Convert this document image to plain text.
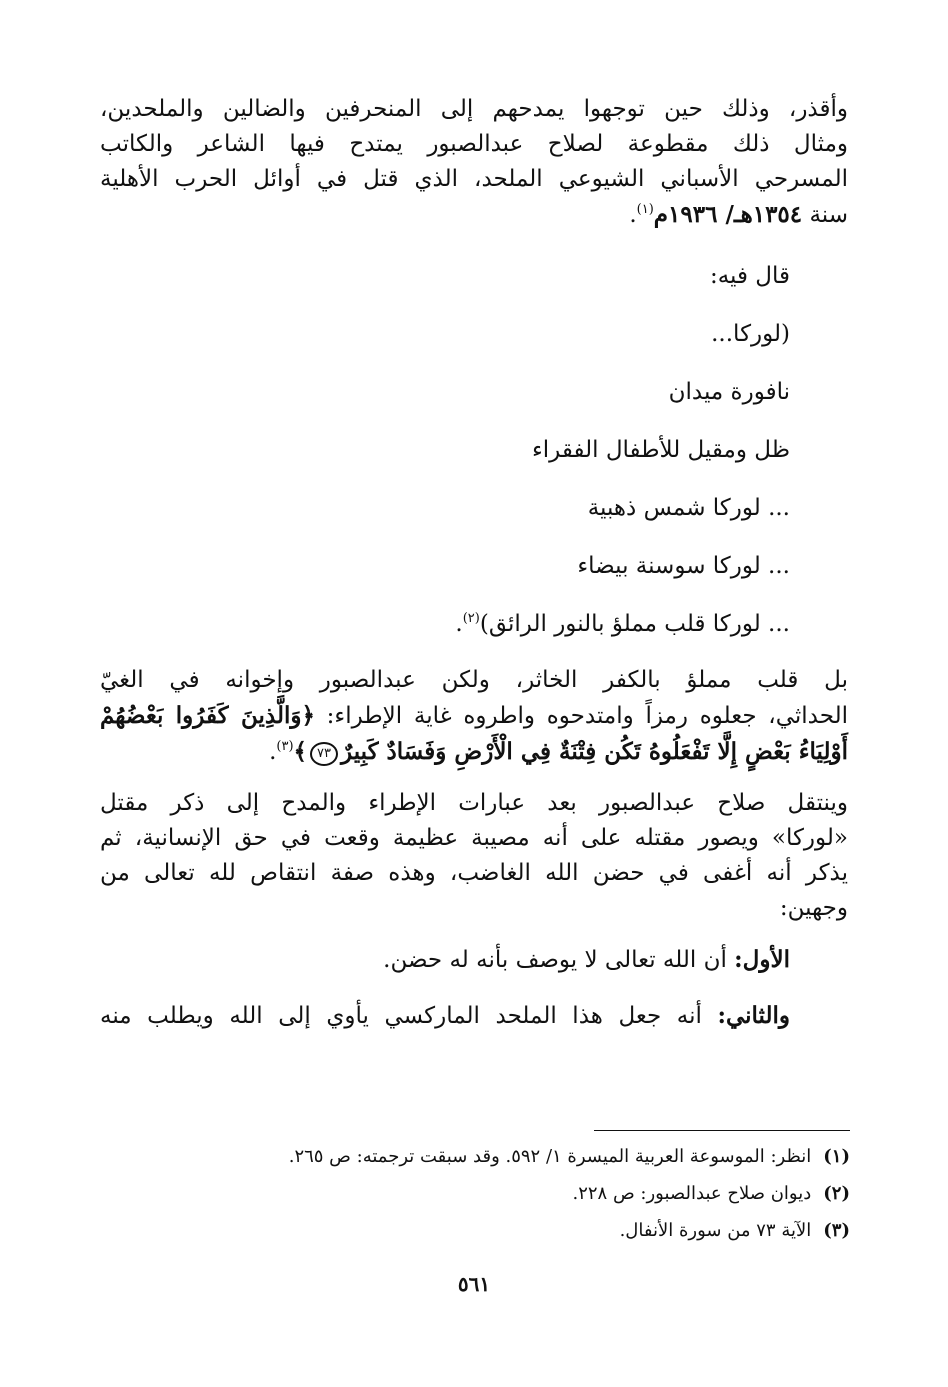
وأقذر، وذلك حين توجهوا يمدحهم إلى المنحرفين والضالين والملحدين،
ومثال ذلك مقطوعة لصلاح عبدالصبور يمتدح فيها الشاعر والكاتب
المسرحي الأسباني الشيوعي الملحد، الذي قتل في أوائل الحرب الأهلية
سنة ١٣٥٤هـ/ ١٩٣٦م$^{(١)}$.

قال فيه:
(لوركا...
نافورة ميدان
ظل ومقيل للأطفال الفقراء
... لوركا شمس ذهبية
... لوركا سوسنة بيضاء
... لوركا قلب مملؤ بالنور الرائق)$^{(٢)}$.

بل قلب مملؤ بالكفر الخاثر، ولكن عبدالصبور وإخوانه في الغيّ
الحداثي، جعلوه رمزاً وامتدحوه واطروه غاية الإطراء: ﴿وَالَّذِينَ كَفَرُوا بَعْضُهُمْ
أَوْلِيَاءُ بَعْضٍ إِلَّا تَفْعَلُوهُ تَكُن فِتْنَةٌ فِي الْأَرْضِ وَفَسَادٌ كَبِيرٌ٧٣﴾$^{(٣)}$.

وينتقل صلاح عبدالصبور بعد عبارات الإطراء والمدح إلى ذكر مقتل
«لوركا» ويصور مقتله على أنه مصيبة عظيمة وقعت في حق الإنسانية، ثم
يذكر أنه أغفى في حضن الله الغاضب، وهذه صفة انتقاص لله تعالى من
وجهين:

الأول: أن الله تعالى لا يوصف بأنه له حضن.

والثاني: أنه جعل هذا الملحد الماركسي يأوي إلى الله ويطلب منه

(١)انظر: الموسوعة العربية الميسرة ١/ ٥٩٢. وقد سبقت ترجمته: ص ٢٦٥.
(٢)ديوان صلاح عبدالصبور: ص ٢٢٨.
(٣)الآية ٧٣ من سورة الأنفال.
٥٦١
